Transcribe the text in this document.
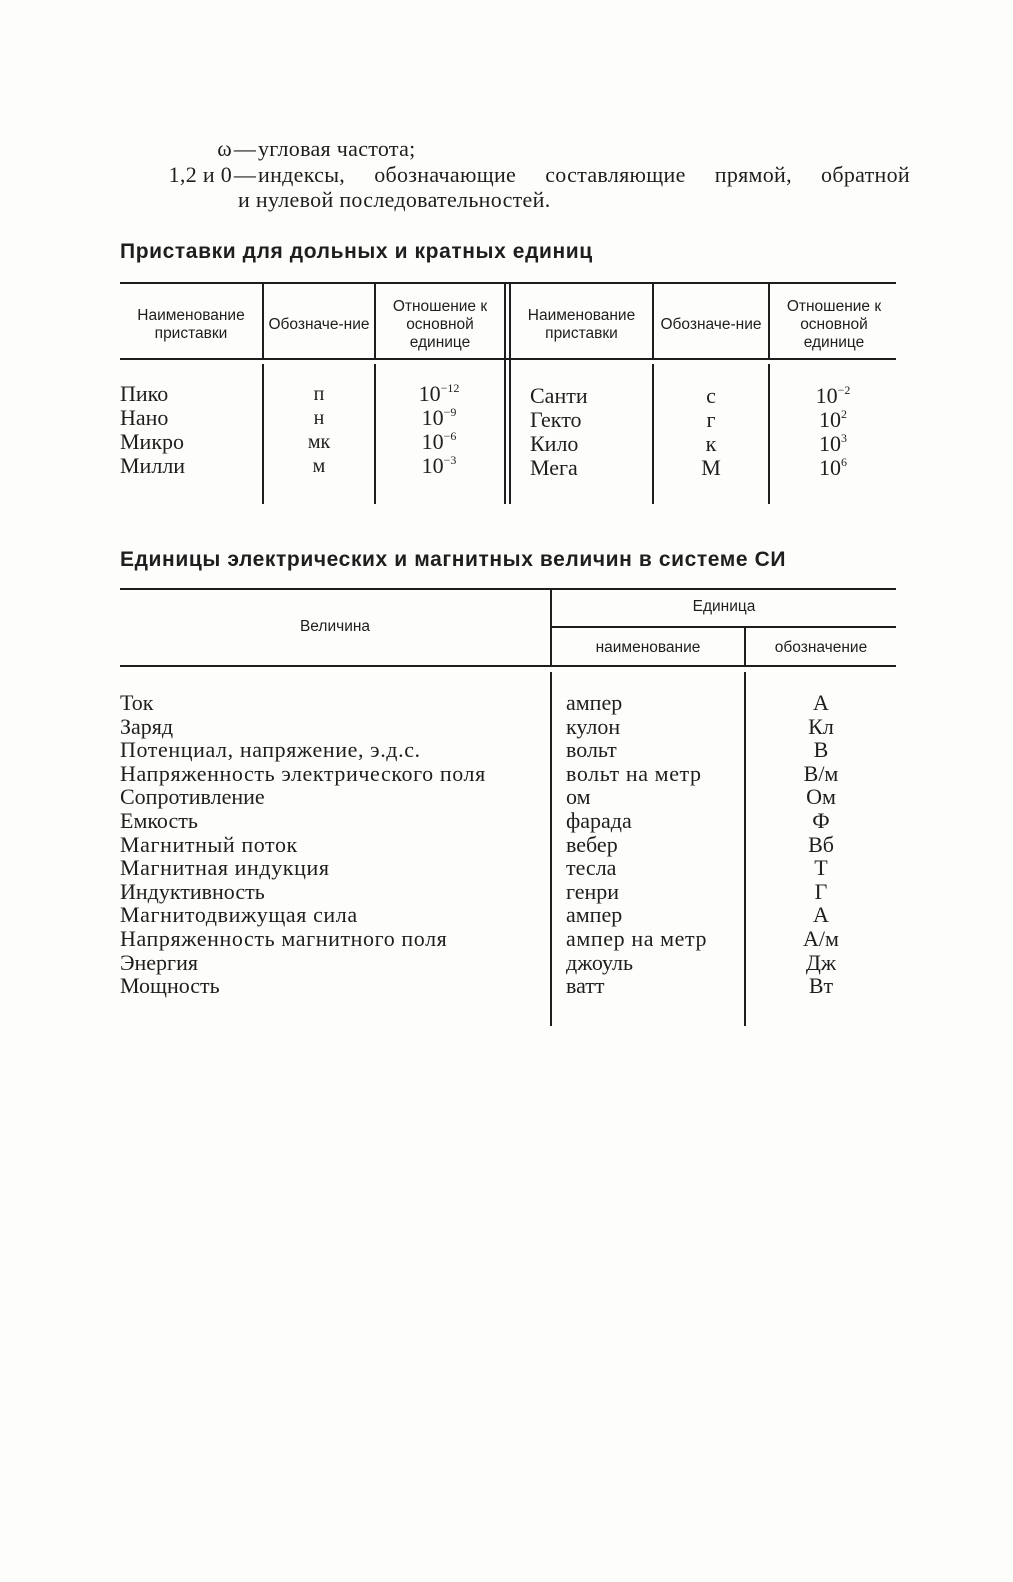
ω — угловая частота;
1,2 и 0 — индексы, обозначающие составляющие прямой, обратной
и нулевой последовательностей.
Приставки для дольных и кратных единиц
Наименование приставки
Обозначе-ние
Отношение к основной единице
Наименование приставки
Обозначе-ние
Отношение к основной единице
Пико
Нано
Микро
Милли
п
н
мк
м
$10^{-12}$
$10^{-9}$
$10^{-6}$
$10^{-3}$
Санти
Гекто
Кило
Мега
с
г
к
М
$10^{-2}$
$10^2$
$10^3$
$10^6$
Единицы электрических и магнитных величин в системе СИ
Величина
Единица
наименование	обозначение
Ток
Заряд
Потенциал, напряжение, э.д.с.
Напряженность электрического поля
Сопротивление
Емкость
Магнитный поток
Магнитная индукция
Индуктивность
Магнитодвижущая сила
Напряженность магнитного поля
Энергия
Мощность
ампер
кулон
вольт
вольт на метр
ом
фарада
вебер
тесла
генри
ампер
ампер на метр
джоуль
ватт
А
Кл
В
В/м
Ом
Ф
Вб
Т
Г
А
А/м
Дж
Вт
